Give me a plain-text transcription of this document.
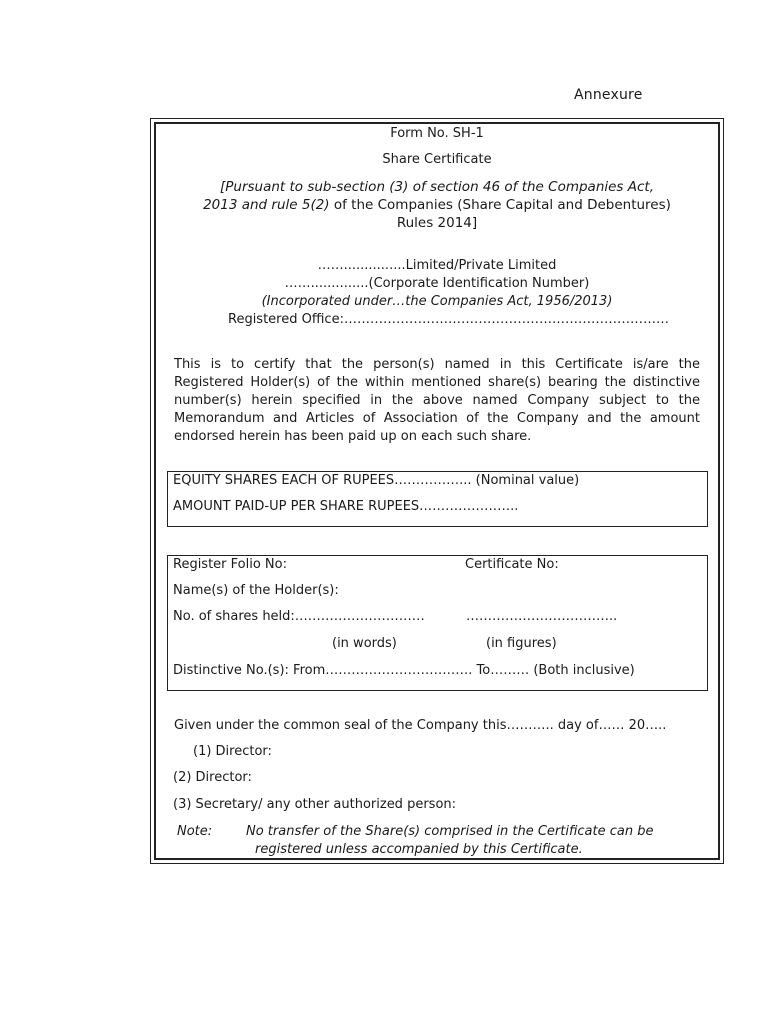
Annexure
Form No. SH-1
Share Certificate
[Pursuant to sub-section (3) of section 46 of the Companies Act,
2013 and rule 5(2) of the Companies (Share Capital and Debentures)
Rules 2014]
……...............Limited/Private Limited
……..............(Corporate Identification Number)
(Incorporated under…the Companies Act, 1956/2013)
Registered Office:…………………………………………………………………
This is to certify that the person(s) named in this Certificate is/are the Registered Holder(s) of the within mentioned share(s) bearing the distinctive number(s) herein specified in the above named Company subject to the Memorandum and Articles of Association of the Company and the amount endorsed herein has been paid up on each such share.
EQUITY SHARES EACH OF RUPEES……………... (Nominal value)
AMOUNT PAID-UP PER SHARE RUPEES…………………..
Register Folio No:	Certificate No:
Name(s) of the Holder(s):
No. of shares held:…………………………	……………………………..
(in words)	(in figures)
Distinctive No.(s): From……………………………. To……… (Both inclusive)
Given under the common seal of the Company this……….. day of…… 20…..
(1) Director:
(2) Director:
(3) Secretary/ any other authorized person:
Note:	No transfer of the Share(s) comprised in the Certificate can be
registered unless accompanied by this Certificate.
